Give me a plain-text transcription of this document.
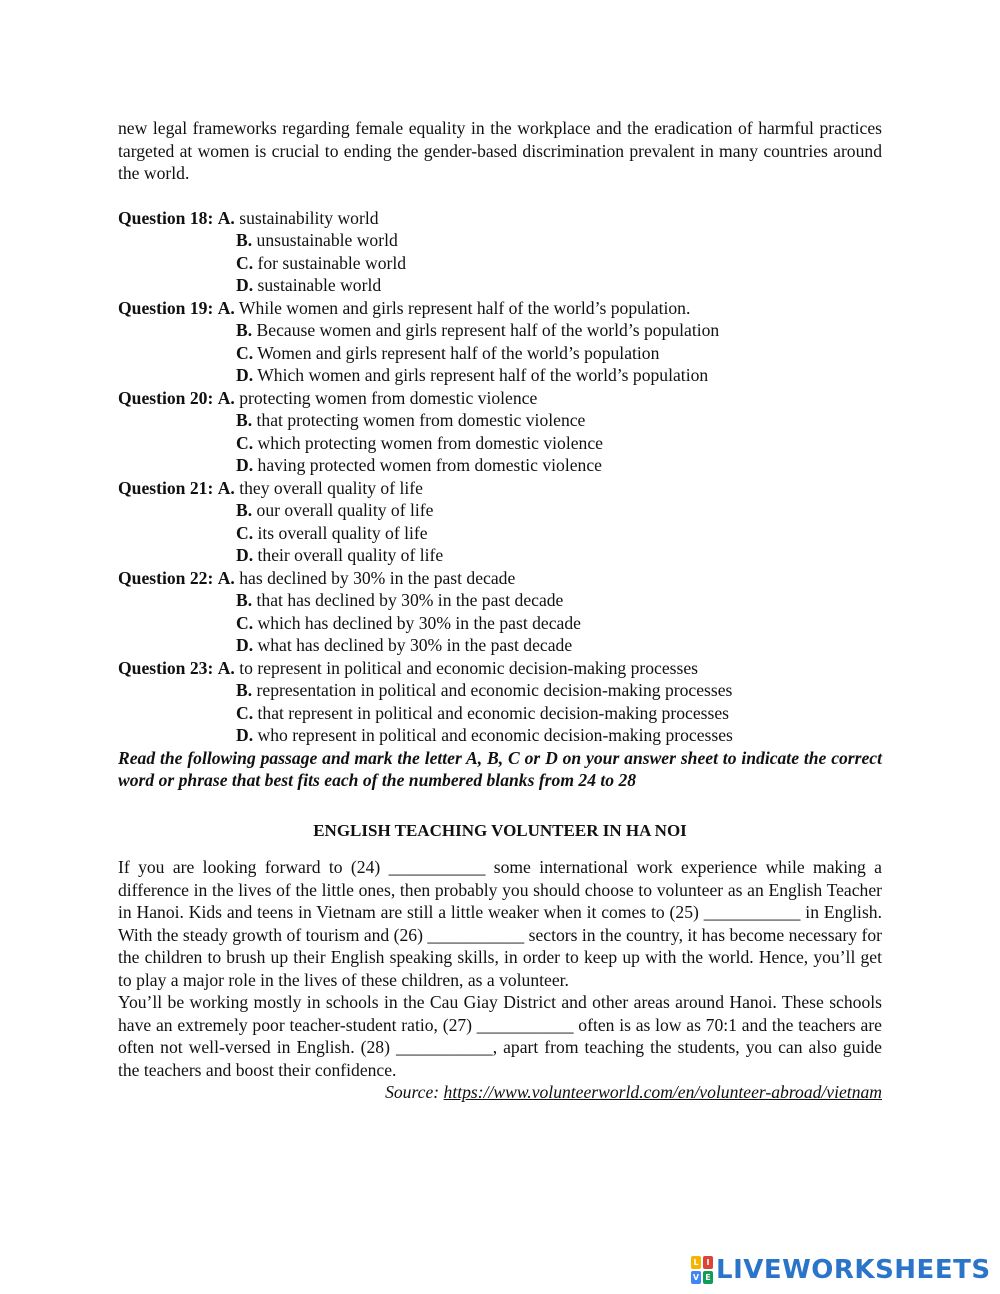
new legal frameworks regarding female equality in the workplace and the eradication of harmful practices targeted at women is crucial to ending the gender-based discrimination prevalent in many countries around the world.

Question 18: A. sustainability world
B. unsustainable world
C. for sustainable world
D. sustainable world
Question 19: A. While women and girls represent half of the world’s population.
B. Because women and girls represent half of the world’s population
C. Women and girls represent half of the world’s population
D. Which women and girls represent half of the world’s population
Question 20: A. protecting women from domestic violence
B. that protecting women from domestic violence
C. which protecting women from domestic violence
D. having protected women from domestic violence
Question 21: A. they overall quality of life
B. our overall quality of life
C. its overall quality of life
D. their overall quality of life
Question 22: A. has declined by 30% in the past decade
B. that has declined by 30% in the past decade
C. which has declined by 30% in the past decade
D. what has declined by 30% in the past decade
Question 23: A. to represent in political and economic decision-making processes
B. representation in political and economic decision-making processes
C. that represent in political and economic decision-making processes
D. who represent in political and economic decision-making processes

Read the following passage and mark the letter A, B, C or D on your answer sheet to indicate the correct word or phrase that best fits each of the numbered blanks from 24 to 28

ENGLISH TEACHING VOLUNTEER IN HA NOI

If you are looking forward to (24) ___________ some international work experience while making a difference in the lives of the little ones, then probably you should choose to volunteer as an English Teacher in Hanoi. Kids and teens in Vietnam are still a little weaker when it comes to (25) ___________ in English. With the steady growth of tourism and (26) ___________ sectors in the country, it has become necessary for the children to brush up their English speaking skills, in order to keep up with the world. Hence, you’ll get to play a major role in the lives of these children, as a volunteer.

You’ll be working mostly in schools in the Cau Giay District and other areas around Hanoi. These schools have an extremely poor teacher-student ratio, (27) ___________ often is as low as 70:1 and the teachers are often not well-versed in English. (28) ___________, apart from teaching the students, you can also guide the teachers and boost their confidence.

Source: https://www.volunteerworld.com/en/volunteer-abroad/vietnam

L I
V E LIVEWORKSHEETS
